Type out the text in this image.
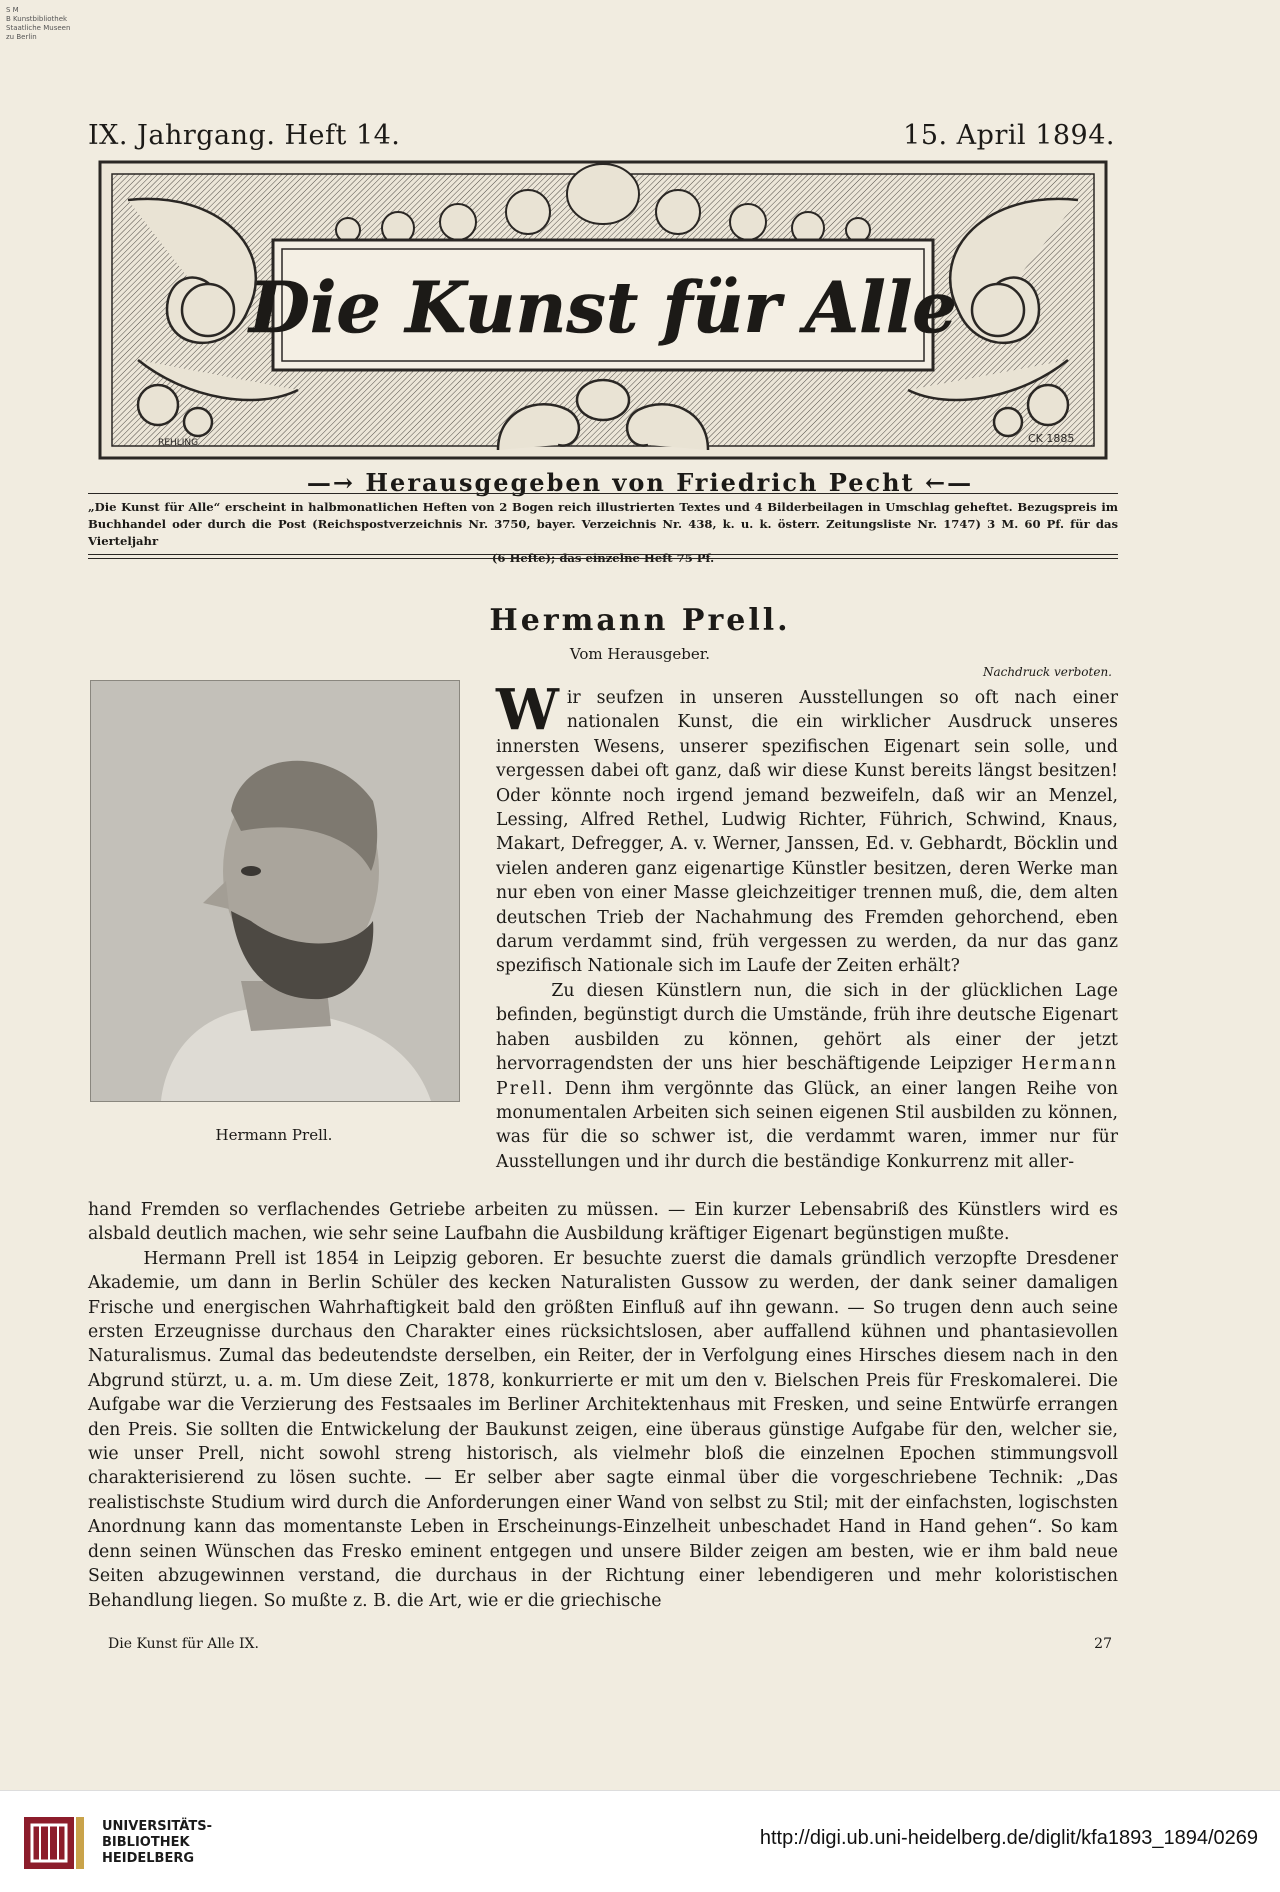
S M
B Kunstbibliothek
Staatliche Museen
zu Berlin
IX. Jahrgang. Heft 14.	15. April 1894.
Die Kunst für Alle
REHLING	CK 1885
—→ Herausgegeben von Friedrich Pecht ←—
„Die Kunst für Alle“ erscheint in halbmonatlichen Heften von 2 Bogen reich illustrierten Textes und 4 Bilderbeilagen in Umschlag geheftet. Bezugspreis im Buchhandel oder durch die Post (Reichspostverzeichnis Nr. 3750, bayer. Verzeichnis Nr. 438, k. u. k. österr. Zeitungsliste Nr. 1747) 3 M. 60 Pf. für das Vierteljahr
(6 Hefte); das einzelne Heft 75 Pf.
Hermann Prell.
Vom Herausgeber.
Nachdruck verboten.
Hermann Prell.

Wir seufzen in unseren Ausstellungen so oft nach einer nationalen Kunst, die ein wirklicher Ausdruck unseres innersten Wesens, unserer spezifischen Eigenart sein solle, und vergessen dabei oft ganz, daß wir diese Kunst bereits längst besitzen! Oder könnte noch irgend jemand bezweifeln, daß wir an Menzel, Lessing, Alfred Rethel, Ludwig Richter, Führich, Schwind, Knaus, Makart, Defregger, A. v. Werner, Janssen, Ed. v. Gebhardt, Böcklin und vielen anderen ganz eigenartige Künstler besitzen, deren Werke man nur eben von einer Masse gleichzeitiger trennen muß, die, dem alten deutschen Trieb der Nachahmung des Fremden gehorchend, eben darum verdammt sind, früh vergessen zu werden, da nur das ganz spezifisch Nationale sich im Laufe der Zeiten erhält?

Zu diesen Künstlern nun, die sich in der glücklichen Lage befinden, begünstigt durch die Umstände, früh ihre deutsche Eigenart haben ausbilden zu können, gehört als einer der jetzt hervorragendsten der uns hier beschäftigende Leipziger Hermann Prell. Denn ihm vergönnte das Glück, an einer langen Reihe von monumentalen Arbeiten sich seinen eigenen Stil ausbilden zu können, was für die so schwer ist, die verdammt waren, immer nur für Ausstellungen und ihr durch die beständige Konkurrenz mit aller-

hand Fremden so verflachendes Getriebe arbeiten zu müssen. — Ein kurzer Lebensabriß des Künstlers wird es alsbald deutlich machen, wie sehr seine Laufbahn die Ausbildung kräftiger Eigenart begünstigen mußte.

Hermann Prell ist 1854 in Leipzig geboren. Er besuchte zuerst die damals gründlich verzopfte Dresdener Akademie, um dann in Berlin Schüler des kecken Naturalisten Gussow zu werden, der dank seiner damaligen Frische und energischen Wahrhaftigkeit bald den größten Einfluß auf ihn gewann. — So trugen denn auch seine ersten Erzeugnisse durchaus den Charakter eines rücksichtslosen, aber auffallend kühnen und phantasievollen Naturalismus. Zumal das bedeutendste derselben, ein Reiter, der in Verfolgung eines Hirsches diesem nach in den Abgrund stürzt, u. a. m. Um diese Zeit, 1878, konkurrierte er mit um den v. Bielschen Preis für Freskomalerei. Die Aufgabe war die Verzierung des Festsaales im Berliner Architektenhaus mit Fresken, und seine Entwürfe errangen den Preis. Sie sollten die Entwickelung der Baukunst zeigen, eine überaus günstige Aufgabe für den, welcher sie, wie unser Prell, nicht sowohl streng historisch, als vielmehr bloß die einzelnen Epochen stimmungsvoll charakterisierend zu lösen suchte. — Er selber aber sagte einmal über die vorgeschriebene Technik: „Das realistischste Studium wird durch die Anforderungen einer Wand von selbst zu Stil; mit der einfachsten, logischsten Anordnung kann das momentanste Leben in Erscheinungs-Einzelheit unbeschadet Hand in Hand gehen“. So kam denn seinen Wünschen das Fresko eminent entgegen und unsere Bilder zeigen am besten, wie er ihm bald neue Seiten abzugewinnen verstand, die durchaus in der Richtung einer lebendigeren und mehr koloristischen Behandlung liegen. So mußte z. B. die Art, wie er die griechische

Die Kunst für Alle IX.	27
UNIVERSITÄTS-
BIBLIOTHEK
HEIDELBERG
http://digi.ub.uni-heidelberg.de/diglit/kfa1893_1894/0269
